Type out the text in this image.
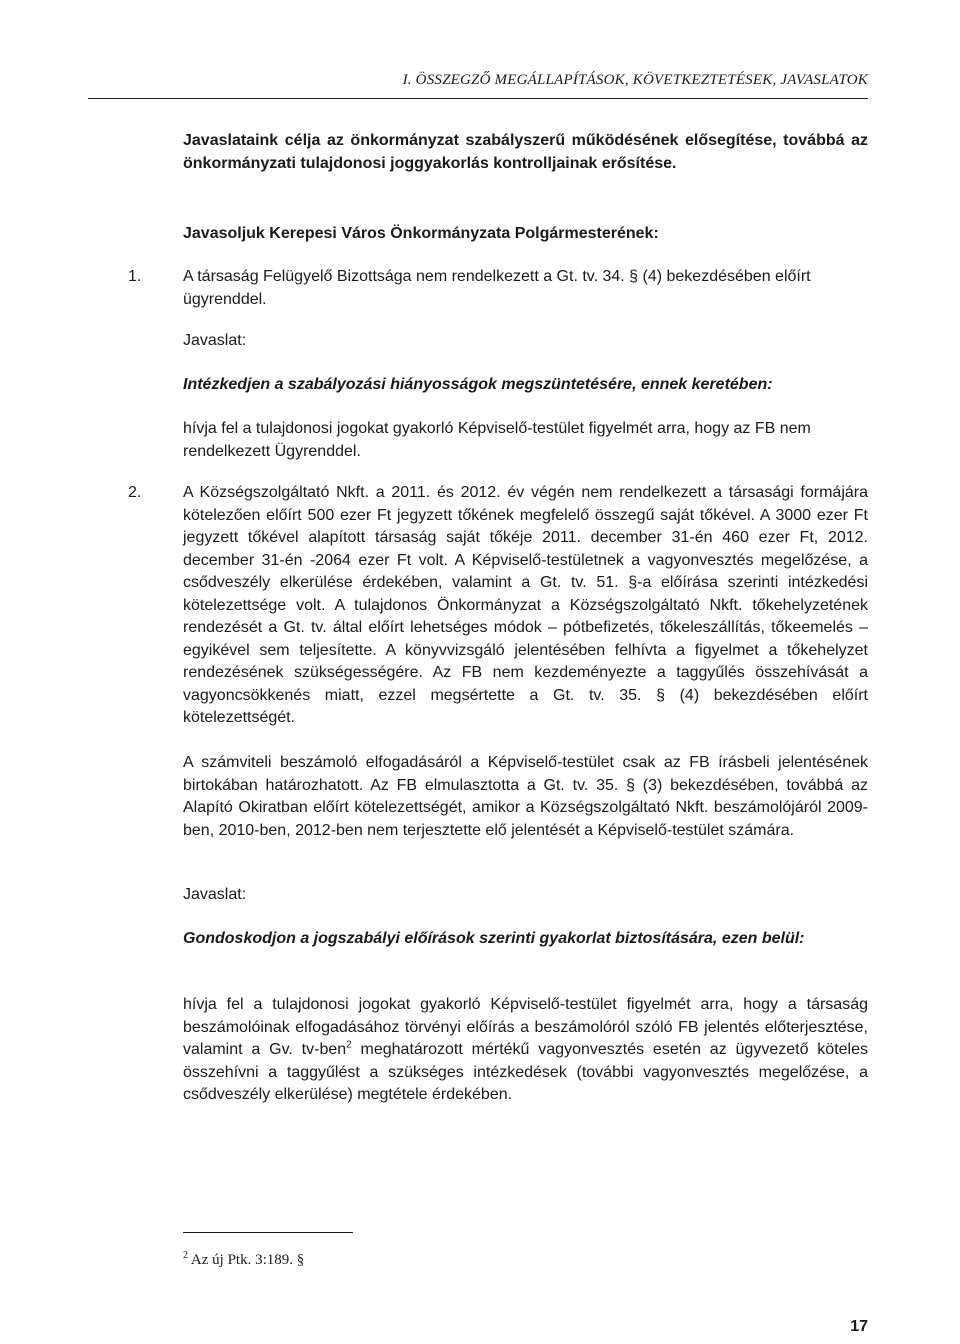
I. ÖSSZEGZŐ MEGÁLLAPÍTÁSOK, KÖVETKEZTETÉSEK, JAVASLATOK

Javaslataink célja az önkormányzat szabályszerű működésének elősegítése, továbbá az önkormányzati tulajdonosi joggyakorlás kontrolljainak erősítése.

Javasoljuk Kerepesi Város Önkormányzata Polgármesterének:

1.	A társaság Felügyelő Bizottsága nem rendelkezett a Gt. tv. 34. § (4) bekezdésében előírt ügyrenddel.

Javaslat:

Intézkedjen a szabályozási hiányosságok megszüntetésére, ennek keretében:

hívja fel a tulajdonosi jogokat gyakorló Képviselő-testület figyelmét arra, hogy az FB nem rendelkezett Ügyrenddel.

2.	A Községszolgáltató Nkft. a 2011. és 2012. év végén nem rendelkezett a társasági formájára kötelezően előírt 500 ezer Ft jegyzett tőkének megfelelő összegű saját tőkével. A 3000 ezer Ft jegyzett tőkével alapított társaság saját tőkéje 2011. december 31-én 460 ezer Ft, 2012. december 31-én -2064 ezer Ft volt. A Képviselő-testületnek a vagyonvesztés megelőzése, a csődveszély elkerülése érdekében, valamint a Gt. tv. 51. §-a előírása szerinti intézkedési kötelezettsége volt. A tulajdonos Önkormányzat a Községszolgáltató Nkft. tőkehelyzetének rendezését a Gt. tv. által előírt lehetséges módok – pótbefizetés, tőkeleszállítás, tőkeemelés – egyikével sem teljesítette. A könyvvizsgáló jelentésében felhívta a figyelmet a tőkehelyzet rendezésének szükségességére. Az FB nem kezdeményezte a taggyűlés összehívását a vagyoncsökkenés miatt, ezzel megsértette a Gt. tv. 35. § (4) bekezdésében előírt kötelezettségét.

A számviteli beszámoló elfogadásáról a Képviselő-testület csak az FB írásbeli jelentésének birtokában határozhatott. Az FB elmulasztotta a Gt. tv. 35. § (3) bekezdésében, továbbá az Alapító Okiratban előírt kötelezettségét, amikor a Községszolgáltató Nkft. beszámolójáról 2009-ben, 2010-ben, 2012-ben nem terjesztette elő jelentését a Képviselő-testület számára.

Javaslat:

Gondoskodjon a jogszabályi előírások szerinti gyakorlat biztosítására, ezen belül:

hívja fel a tulajdonosi jogokat gyakorló Képviselő-testület figyelmét arra, hogy a társaság beszámolóinak elfogadásához törvényi előírás a beszámolóról szóló FB jelentés előterjesztése, valamint a Gv. tv-ben$^2$ meghatározott mértékű vagyonvesztés esetén az ügyvezető köteles összehívni a taggyűlést a szükséges intézkedések (további vagyonvesztés megelőzése, a csődveszély elkerülése) megtétele érdekében.

$^2$ Az új Ptk. 3:189. §
17
